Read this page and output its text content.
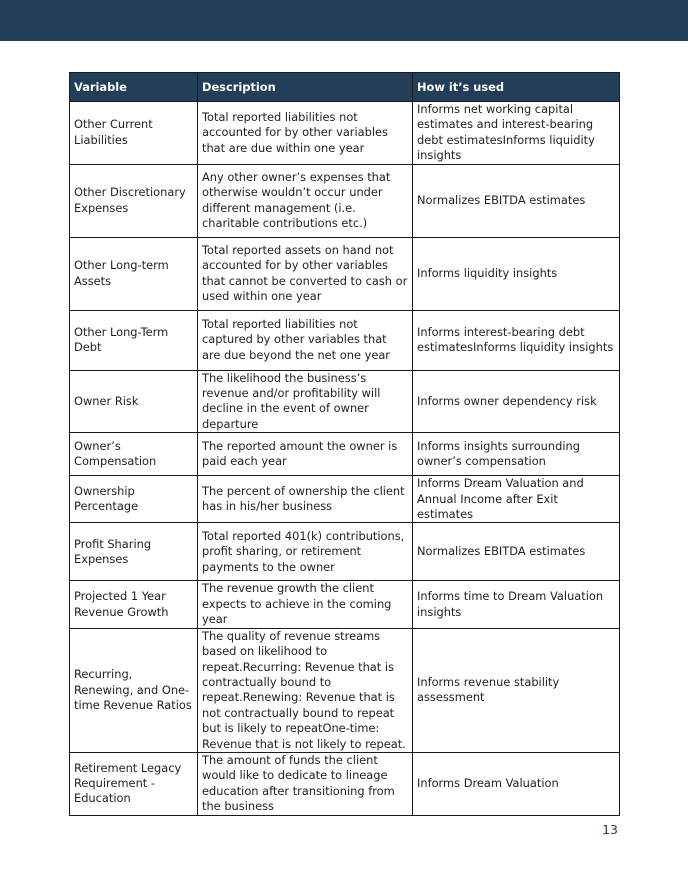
Variable	Description	How it’s used
Other Current Liabilities	Total reported liabilities not accounted for by other variables that are due within one year	Informs net working capital estimates and interest-bearing debt estimatesInforms liquidity insights
Other Discretionary Expenses	Any other owner’s expenses that otherwise wouldn’t occur under different management (i.e. charitable contributions etc.)	Normalizes EBITDA estimates
Other Long-term Assets	Total reported assets on hand not accounted for by other variables that cannot be converted to cash or used within one year	Informs liquidity insights
Other Long-Term Debt	Total reported liabilities not captured by other variables that are due beyond the net one year	Informs interest-bearing debt estimatesInforms liquidity insights
Owner Risk	The likelihood the business’s revenue and/or profitability will decline in the event of owner departure	Informs owner dependency risk
Owner’s Compensation	The reported amount the owner is paid each year	Informs insights surrounding owner’s compensation
Ownership Percentage	The percent of ownership the client has in his/her business	Informs Dream Valuation and Annual Income after Exit estimates
Profit Sharing Expenses	Total reported 401(k) contributions, profit sharing, or retirement payments to the owner	Normalizes EBITDA estimates
Projected 1 Year Revenue Growth	The revenue growth the client expects to achieve in the coming year	Informs time to Dream Valuation insights
Recurring, Renewing, and One-time Revenue Ratios	The quality of revenue streams based on likelihood to repeat.Recurring: Revenue that is contractually bound to repeat.Renewing: Revenue that is not contractually bound to repeat but is likely to repeatOne-time: Revenue that is not likely to repeat.	Informs revenue stability assessment
Retirement Legacy Requirement - Education	The amount of funds the client would like to dedicate to lineage education after transitioning from the business	Informs Dream Valuation
13
